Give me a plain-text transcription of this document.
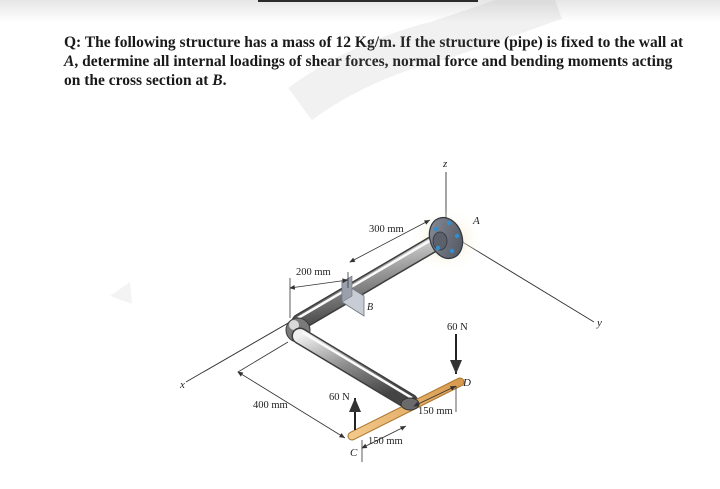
Q: The following structure has a mass of 12 Kg/m. If the structure (pipe) is fixed to the wall at A, determine all internal loadings of shear forces, normal force and bending moments acting on the cross section at B.

z
x
y
A
B
C
D
300 mm
200 mm
400 mm
150 mm
150 mm
60 N
60 N
